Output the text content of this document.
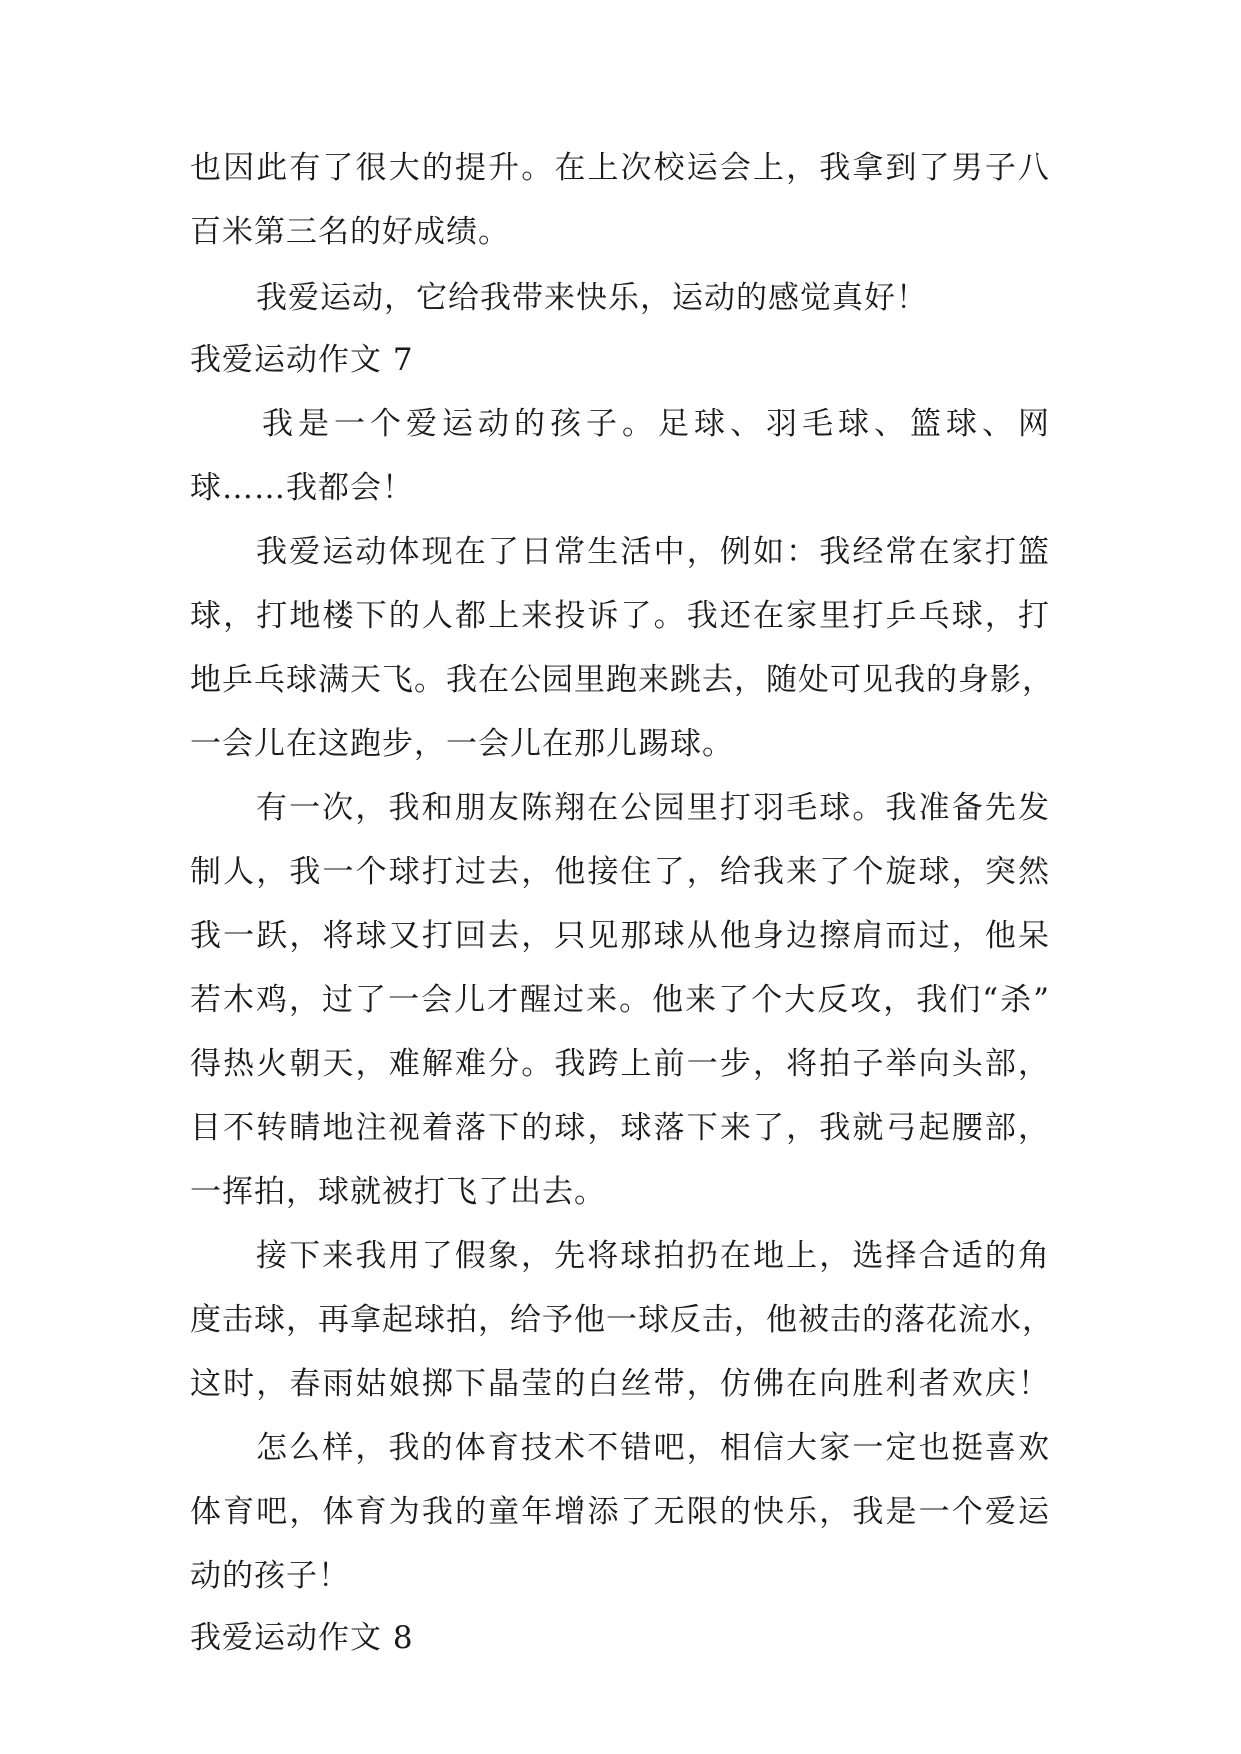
也因此有了很大的提升。在上次校运会上，我拿到了男子八
百米第三名的好成绩。
我爱运动，它给我带来快乐，运动的感觉真好！
我爱运动作文 7
我是一个爱运动的孩子。足球、羽毛球、篮球、网
球……我都会！
我爱运动体现在了日常生活中，例如：我经常在家打篮
球，打地楼下的人都上来投诉了。我还在家里打乒乓球，打
地乒乓球满天飞。我在公园里跑来跳去，随处可见我的身影，
一会儿在这跑步，一会儿在那儿踢球。
有一次，我和朋友陈翔在公园里打羽毛球。我准备先发
制人，我一个球打过去，他接住了，给我来了个旋球，突然
我一跃，将球又打回去，只见那球从他身边擦肩而过，他呆
若木鸡，过了一会儿才醒过来。他来了个大反攻，我们“杀”
得热火朝天，难解难分。我跨上前一步，将拍子举向头部，
目不转睛地注视着落下的球，球落下来了，我就弓起腰部，
一挥拍，球就被打飞了出去。
接下来我用了假象，先将球拍扔在地上，选择合适的角
度击球，再拿起球拍，给予他一球反击，他被击的落花流水，
这时，春雨姑娘掷下晶莹的白丝带，仿佛在向胜利者欢庆！
怎么样，我的体育技术不错吧，相信大家一定也挺喜欢
体育吧，体育为我的童年增添了无限的快乐，我是一个爱运
动的孩子！
我爱运动作文 8
